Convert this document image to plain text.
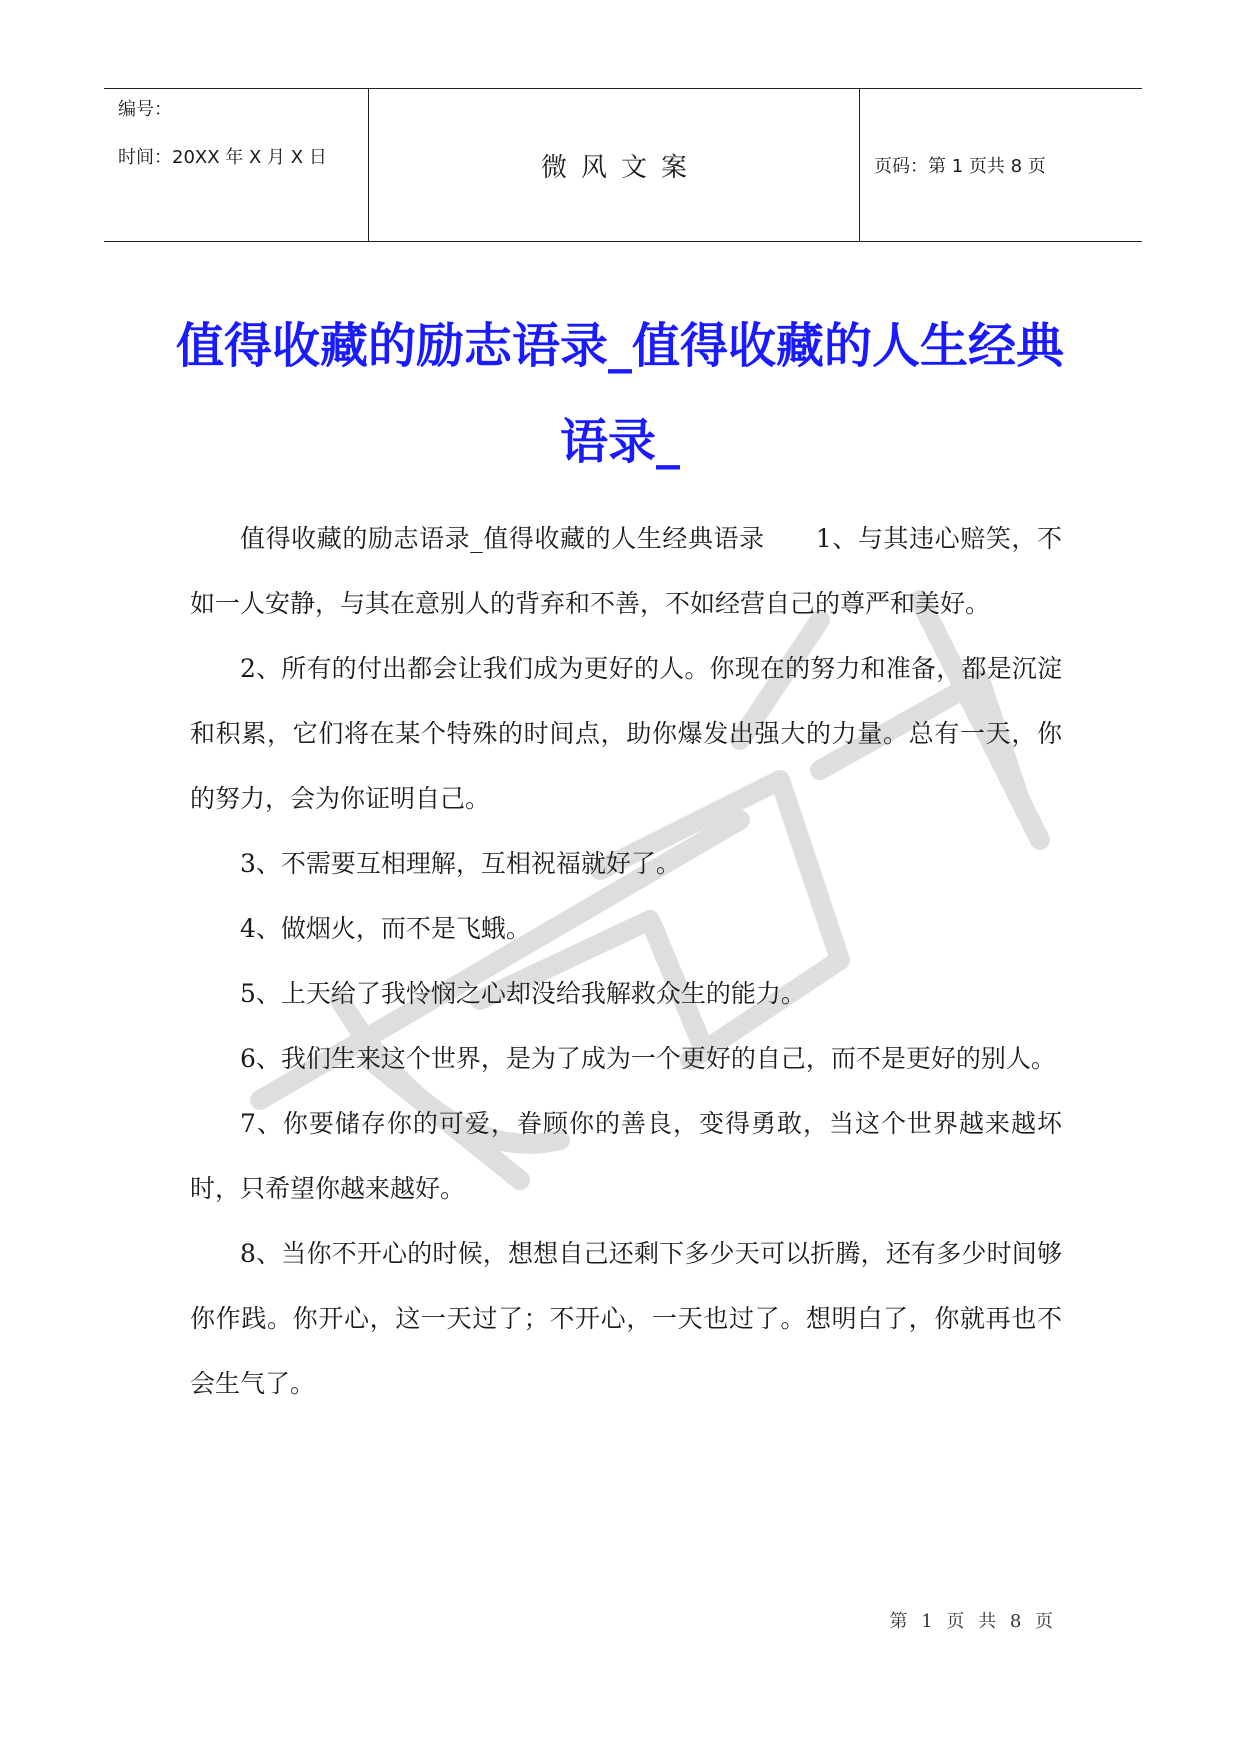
编号：
时间：20XX 年 X 月 X 日	微风文案	页码：第 1 页共 8 页
值得收藏的励志语录_值得收藏的人生经典语录_

值得收藏的励志语录_值得收藏的人生经典语录　　1、与其违心赔笑，不如一人安静，与其在意别人的背弃和不善，不如经营自己的尊严和美好。

2、所有的付出都会让我们成为更好的人。你现在的努力和准备，都是沉淀和积累，它们将在某个特殊的时间点，助你爆发出强大的力量。总有一天，你的努力，会为你证明自己。

3、不需要互相理解，互相祝福就好了。

4、做烟火，而不是飞蛾。

5、上天给了我怜悯之心却没给我解救众生的能力。

6、我们生来这个世界，是为了成为一个更好的自己，而不是更好的别人。

7、你要储存你的可爱，眷顾你的善良，变得勇敢，当这个世界越来越坏时，只希望你越来越好。

8、当你不开心的时候，想想自己还剩下多少天可以折腾，还有多少时间够你作践。你开心，这一天过了；不开心，一天也过了。想明白了，你就再也不会生气了。

第 1 页 共 8 页
